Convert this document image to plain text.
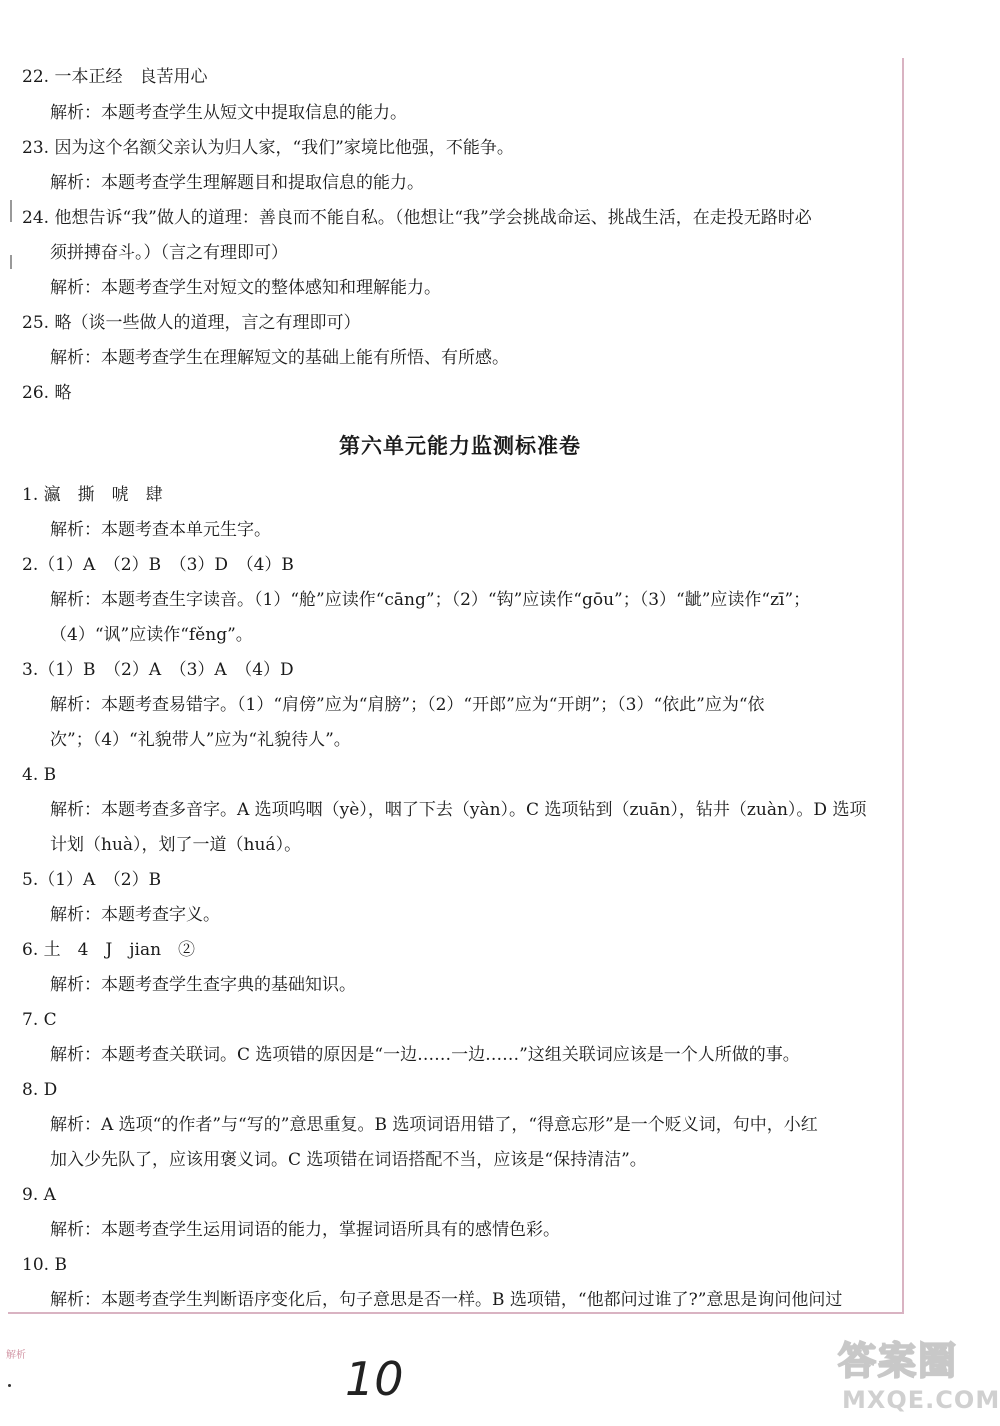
22. 一本正经　良苦用心
解析：本题考查学生从短文中提取信息的能力。
23. 因为这个名额父亲认为归人家，“我们”家境比他强，不能争。
解析：本题考查学生理解题目和提取信息的能力。
24. 他想告诉“我”做人的道理：善良而不能自私。（他想让“我”学会挑战命运、挑战生活，在走投无路时必
须拼搏奋斗。）（言之有理即可）
解析：本题考查学生对短文的整体感知和理解能力。
25. 略（谈一些做人的道理，言之有理即可）
解析：本题考查学生在理解短文的基础上能有所悟、有所感。
26. 略
第六单元能力监测标准卷
1. 瀛　撕　唬　肆
解析：本题考查本单元生字。
2.（1）A　（2）B　（3）D　（4）B
解析：本题考查生字读音。（1）“舱”应读作“cāng”；（2）“钩”应读作“gōu”；（3）“龇”应读作“zī”；
（4）“讽”应读作“fěng”。
3.（1）B　（2）A　（3）A　（4）D
解析：本题考查易错字。（1）“肩傍”应为“肩膀”；（2）“开郎”应为“开朗”；（3）“依此”应为“依
次”；（4）“礼貌带人”应为“礼貌待人”。
4. B
解析：本题考查多音字。A 选项呜咽（yè），咽了下去（yàn）。C 选项钻到（zuān），钻井（zuàn）。D 选项
计划（huà），划了一道（huá）。
5.（1）A　（2）B
解析：本题考查字义。
6. 土　4　J　jian　②
解析：本题考查学生查字典的基础知识。
7. C
解析：本题考查关联词。C 选项错的原因是“一边……一边……”这组关联词应该是一个人所做的事。
8. D
解析：A 选项“的作者”与“写的”意思重复。B 选项词语用错了，“得意忘形”是一个贬义词，句中，小红
加入少先队了，应该用褒义词。C 选项错在词语搭配不当，应该是“保持清洁”。
9. A
解析：本题考查学生运用词语的能力，掌握词语所具有的感情色彩。
10. B
解析：本题考查学生判断语序变化后，句子意思是否一样。B 选项错，“他都问过谁了?”意思是询问他问过
解析	10	答案圈
MXQE.COM
